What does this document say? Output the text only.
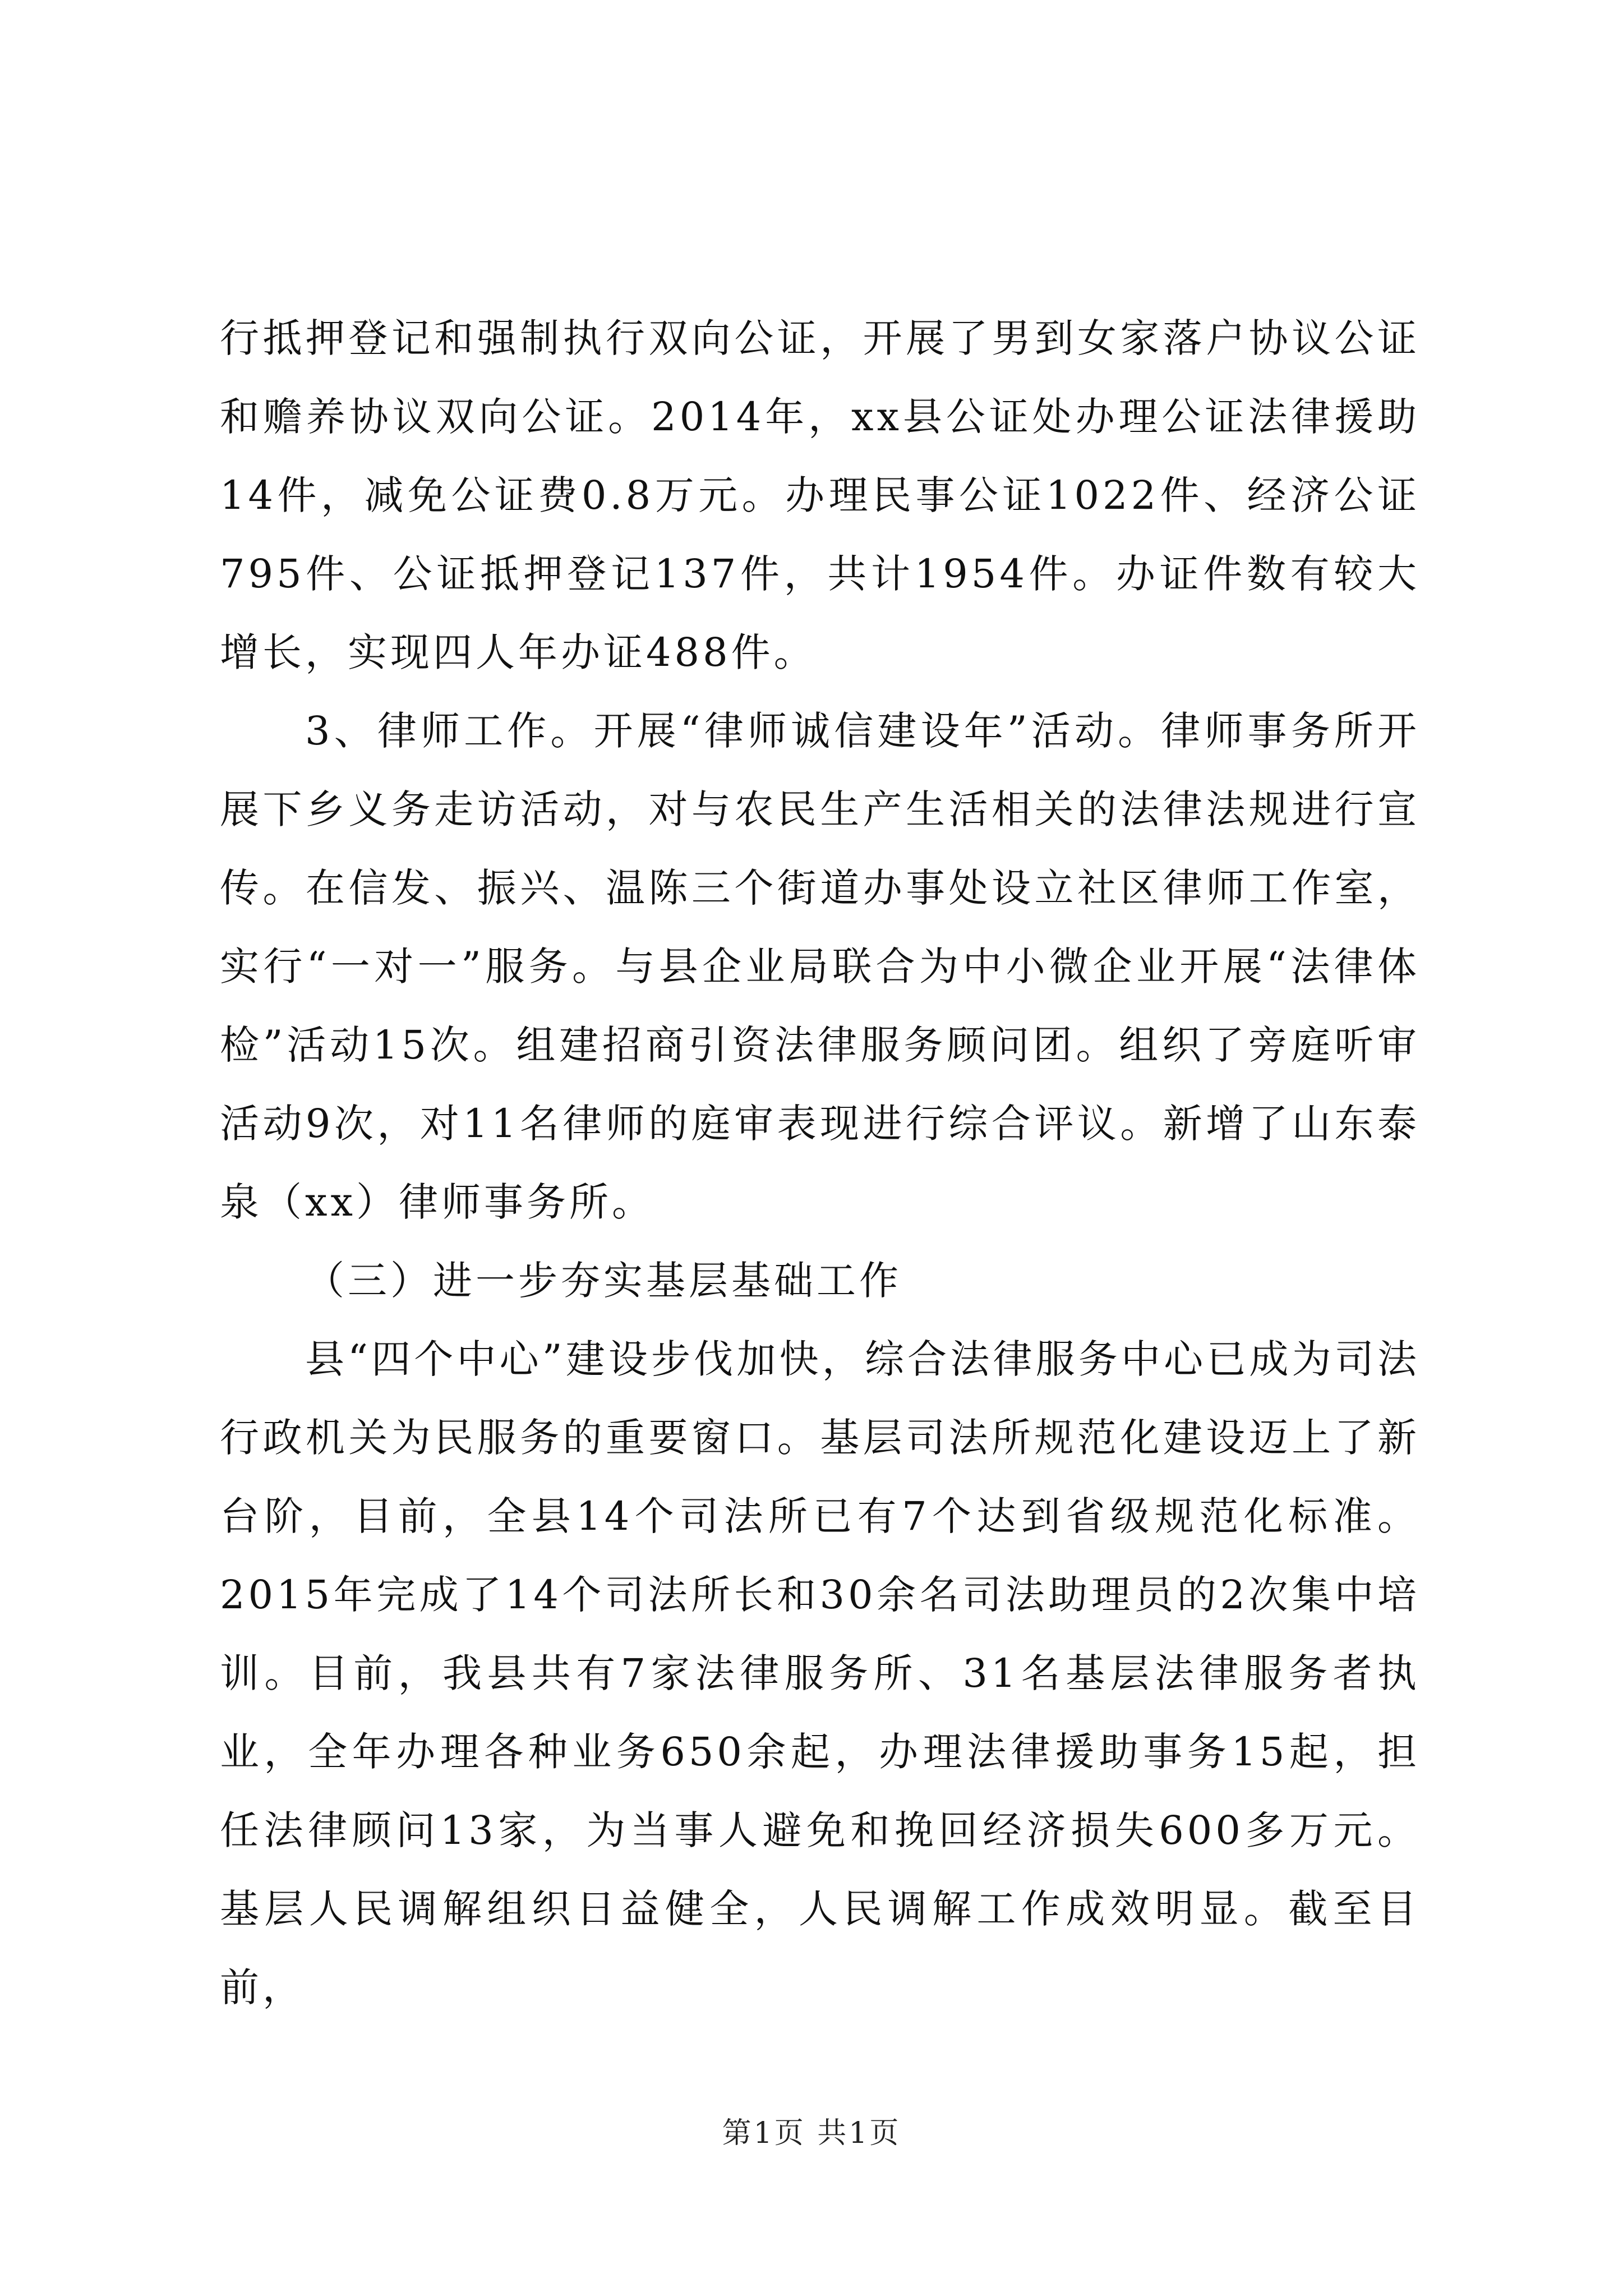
行抵押登记和强制执行双向公证，开展了男到女家落户协议公证和赡养协议双向公证。2014年，xx县公证处办理公证法律援助14件，减免公证费0.8万元。办理民事公证1022件、经济公证795件、公证抵押登记137件，共计1954件。办证件数有较大增长，实现四人年办证488件。

3、律师工作。开展“律师诚信建设年”活动。律师事务所开展下乡义务走访活动，对与农民生产生活相关的法律法规进行宣传。在信发、振兴、温陈三个街道办事处设立社区律师工作室，实行“一对一”服务。与县企业局联合为中小微企业开展“法律体检”活动15次。组建招商引资法律服务顾问团。组织了旁庭听审活动9次，对11名律师的庭审表现进行综合评议。新增了山东泰泉（xx）律师事务所。

（三）进一步夯实基层基础工作

县“四个中心”建设步伐加快，综合法律服务中心已成为司法行政机关为民服务的重要窗口。基层司法所规范化建设迈上了新台阶，目前，全县14个司法所已有7个达到省级规范化标准。2015年完成了14个司法所长和30余名司法助理员的2次集中培训。目前，我县共有7家法律服务所、31名基层法律服务者执业，全年办理各种业务650余起，办理法律援助事务15起，担任法律顾问13家，为当事人避免和挽回经济损失600多万元。基层人民调解组织日益健全，人民调解工作成效明显。截至目前，

第1页 共1页
